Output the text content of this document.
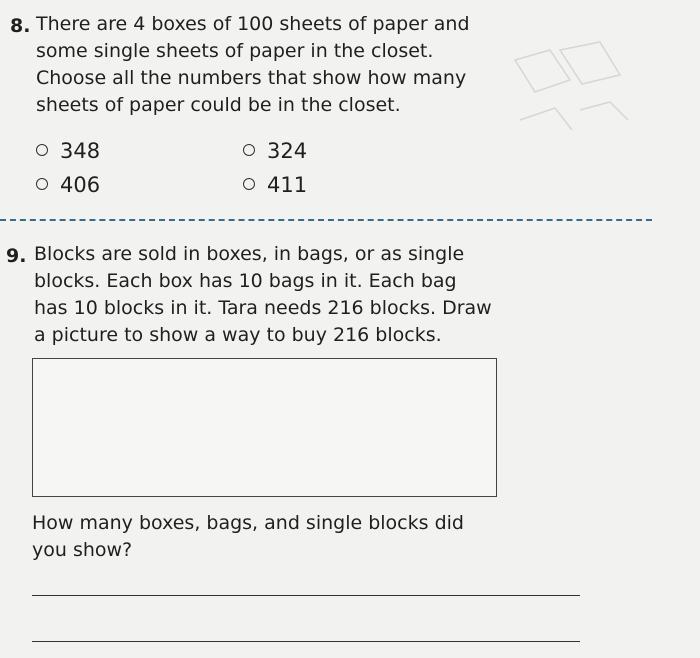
8. There are 4 boxes of 100 sheets of paper and
some single sheets of paper in the closet.
Choose all the numbers that show how many
sheets of paper could be in the closet.
348	324
406	411
9. Blocks are sold in boxes, in bags, or as single
blocks. Each box has 10 bags in it. Each bag
has 10 blocks in it. Tara needs 216 blocks. Draw
a picture to show a way to buy 216 blocks.
How many boxes, bags, and single blocks did
you show?
